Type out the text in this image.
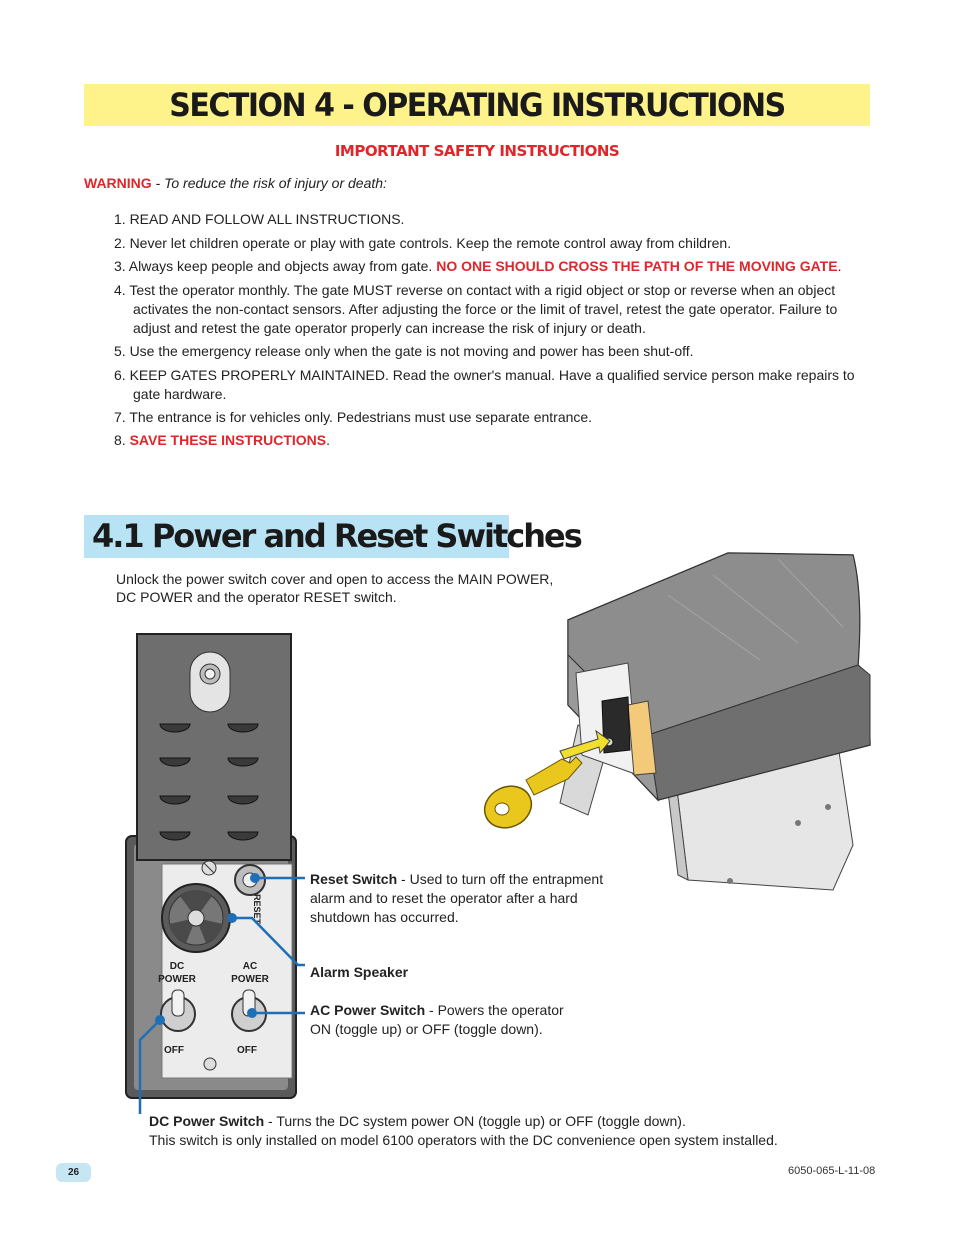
SECTION 4 - OPERATING INSTRUCTIONS
IMPORTANT SAFETY INSTRUCTIONS
WARNING - To reduce the risk of injury or death:
1. READ AND FOLLOW ALL INSTRUCTIONS.
2. Never let children operate or play with gate controls. Keep the remote control away from children.
3. Always keep people and objects away from gate. NO ONE SHOULD CROSS THE PATH OF THE MOVING GATE.
4. Test the operator monthly. The gate MUST reverse on contact with a rigid object or stop or reverse when an object activates the non-contact sensors. After adjusting the force or the limit of travel, retest the gate operator. Failure to adjust and retest the gate operator properly can increase the risk of injury or death.
5. Use the emergency release only when the gate is not moving and power has been shut-off.
6. KEEP GATES PROPERLY MAINTAINED. Read the owner's manual. Have a qualified service person make repairs to gate hardware.
7. The entrance is for vehicles only. Pedestrians must use separate entrance.
8. SAVE THESE INSTRUCTIONS.
4.1 Power and Reset Switches
Unlock the power switch cover and open to access the MAIN POWER, DC POWER and the operator RESET switch.
RESET
DC
POWER
AC
POWER
OFF	OFF
Reset Switch - Used to turn off the entrapment alarm and to reset the operator after a hard shutdown has occurred.
Alarm Speaker
AC Power Switch - Powers the operator ON (toggle up) or OFF (toggle down).
DC Power Switch - Turns the DC system power ON (toggle up) or OFF (toggle down).
This switch is only installed on model 6100 operators with the DC convenience open system installed.
26	6050-065-L-11-08
